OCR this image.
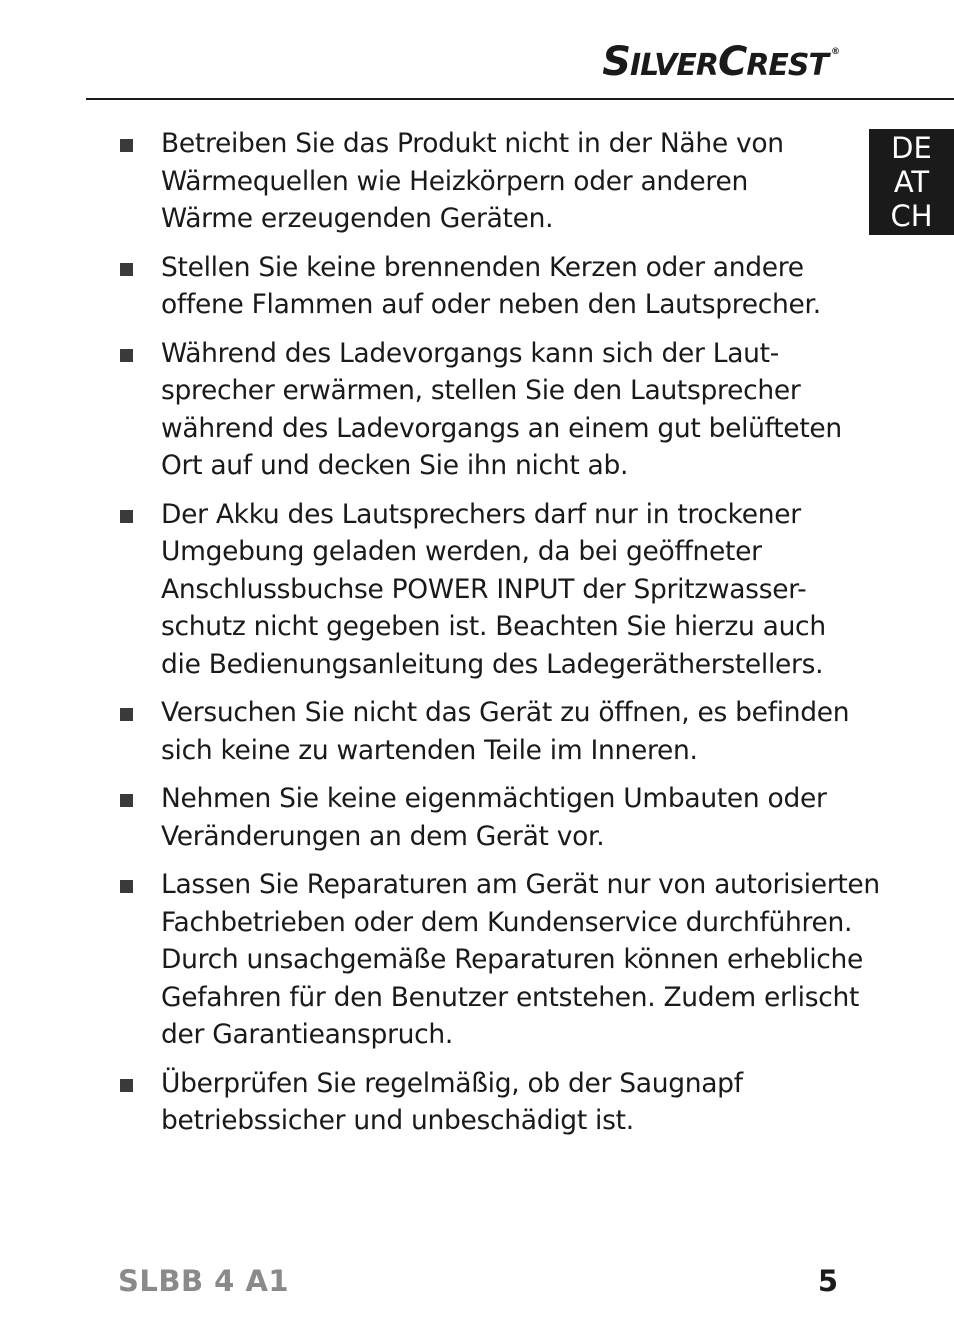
SILVERCREST ®
DE
AT
CH
Betreiben Sie das Produkt nicht in der Nähe von
Wärmequellen wie Heizkörpern oder anderen
Wärme erzeugenden Geräten.
Stellen Sie keine brennenden Kerzen oder andere
offene Flammen auf oder neben den Lautsprecher.
Während des Ladevorgangs kann sich der Laut-
sprecher erwärmen, stellen Sie den Lautsprecher
während des Ladevorgangs an einem gut belüfteten
Ort auf und decken Sie ihn nicht ab.
Der Akku des Lautsprechers darf nur in trockener
Umgebung geladen werden, da bei geöffneter
Anschlussbuchse POWER INPUT der Spritzwasser-
schutz nicht gegeben ist. Beachten Sie hierzu auch
die Bedienungsanleitung des Ladegerätherstellers.
Versuchen Sie nicht das Gerät zu öffnen, es befinden
sich keine zu wartenden Teile im Inneren.
Nehmen Sie keine eigenmächtigen Umbauten oder
Veränderungen an dem Gerät vor.
Lassen Sie Reparaturen am Gerät nur von autorisierten
Fachbetrieben oder dem Kundenservice durchführen.
Durch unsachgemäße Reparaturen können erhebliche
Gefahren für den Benutzer entstehen. Zudem erlischt
der Garantieanspruch.
Überprüfen Sie regelmäßig, ob der Saugnapf
betriebssicher und unbeschädigt ist.
SLBB 4 A1	5
